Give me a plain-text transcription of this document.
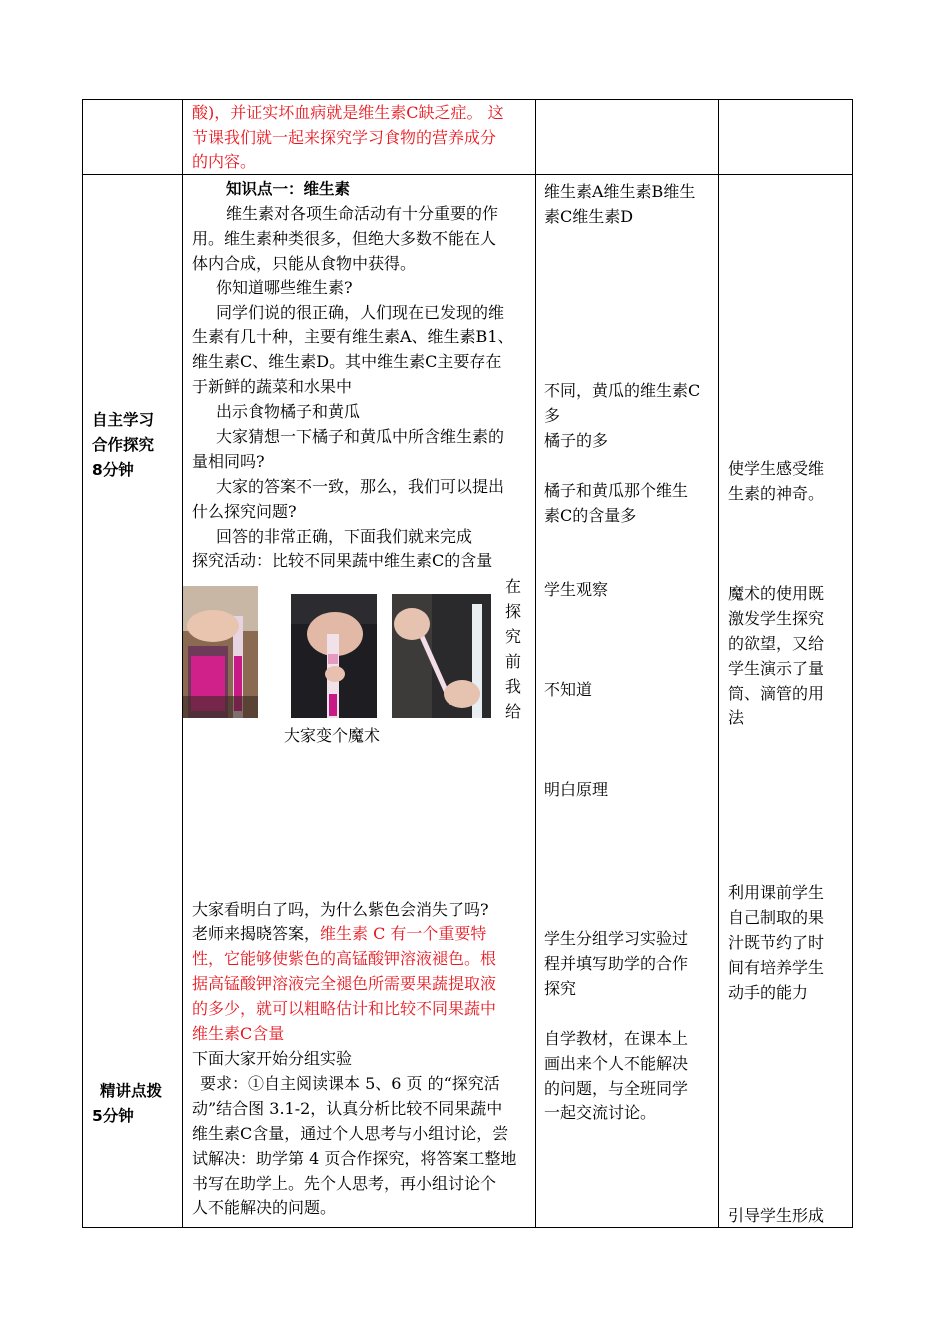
酸)，并证实坏血病就是维生素C缺乏症。 这
节课我们就一起来探究学习食物的营养成分
的内容。
自主学习
合作探究
8分钟
精讲点拨
5分钟
知识点一：维生素
维生素对各项生命活动有十分重要的作
用。维生素种类很多，但绝大多数不能在人
体内合成，只能从食物中获得。
你知道哪些维生素?
同学们说的很正确，人们现在已发现的维
生素有几十种，主要有维生素A、维生素B1、
维生素C、维生素D。其中维生素C主要存在
于新鲜的蔬菜和水果中
出示食物橘子和黄瓜
大家猜想一下橘子和黄瓜中所含维生素的
量相同吗?
大家的答案不一致，那么，我们可以提出
什么探究问题?
回答的非常正确，下面我们就来完成
探究活动：比较不同果蔬中维生素C的含量
在
探
究
前
我
给
大家变个魔术
大家看明白了吗，为什么紫色会消失了吗?
老师来揭晓答案，维生素 C 有一个重要特
性，它能够使紫色的高锰酸钾溶液褪色。根
据高锰酸钾溶液完全褪色所需要果蔬提取液
的多少，就可以粗略估计和比较不同果蔬中
维生素C含量
下面大家开始分组实验
要求：①自主阅读课本 5、6 页 的“探究活
动”结合图 3.1-2，认真分析比较不同果蔬中
维生素C含量，通过个人思考与小组讨论，尝
试解决：助学第 4 页合作探究，将答案工整地
书写在助学上。先个人思考，再小组讨论个
人不能解决的问题。
维生素A维生素B维生
素C维生素D
不同，黄瓜的维生素C
多
橘子的多
橘子和黄瓜那个维生
素C的含量多
学生观察
不知道
明白原理
学生分组学习实验过
程并填写助学的合作
探究
自学教材，在课本上
画出来个人不能解决
的问题，与全班同学
一起交流讨论。
使学生感受维
生素的神奇。
魔术的使用既
激发学生探究
的欲望，又给
学生演示了量
筒、滴管的用
法
利用课前学生
自己制取的果
汁既节约了时
间有培养学生
动手的能力
引导学生形成
